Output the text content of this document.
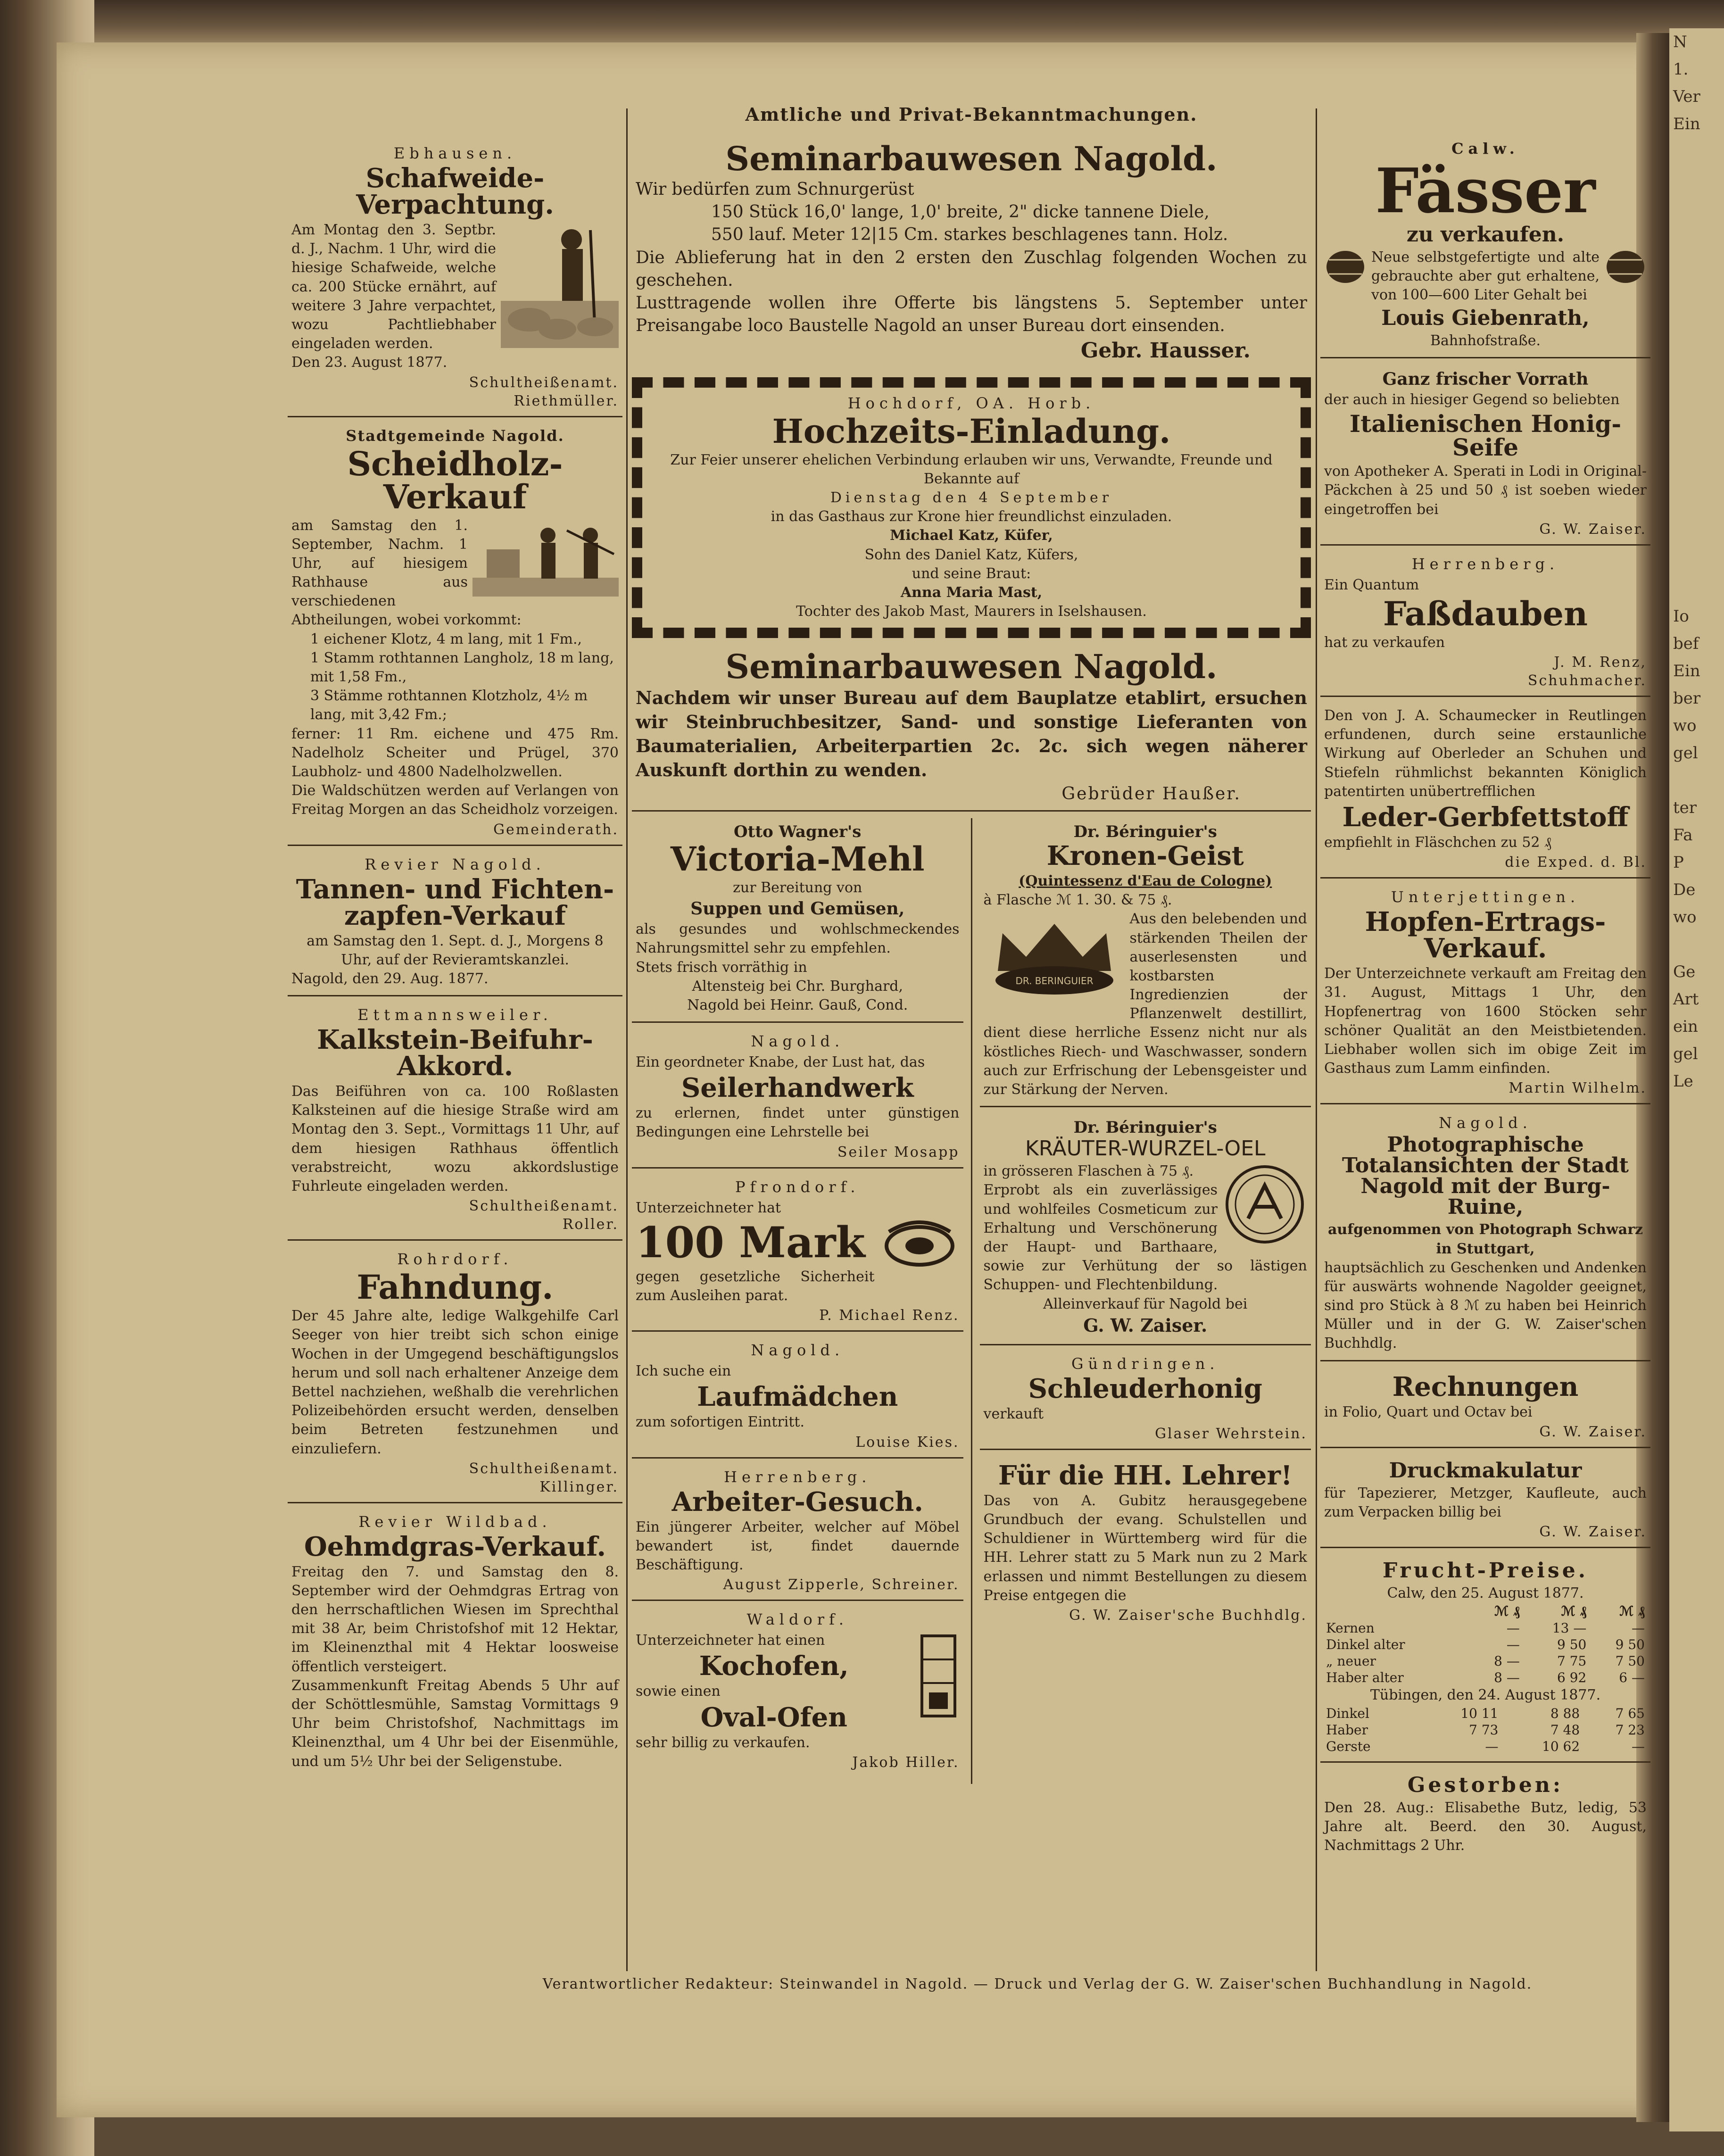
N
1.
Ver
Ein

Io
bef
Ein
ber
wo
gel

ter
Fa
P
De
wo

Ge
Art
ein
gel
Le
Amtliche und Privat-Bekanntmachungen.
Ebhausen.
Schafweide-Verpachtung.
Am Montag den 3. Septbr. d. J., Nachm. 1 Uhr, wird die hiesige Schafweide, welche ca. 200 Stücke ernährt, auf weitere 3 Jahre verpachtet, wozu Pachtliebhaber eingeladen werden.
Den 23. August 1877.
Schultheißenamt.
Riethmüller.
Stadtgemeinde Nagold.
Scheidholz-Verkauf
am Samstag den 1. September, Nachm. 1 Uhr, auf hiesigem Rathhause aus verschiedenen Abtheilungen, wobei vorkommt:
1 eichener Klotz, 4 m lang, mit 1 Fm.,
1 Stamm rothtannen Langholz, 18 m lang, mit 1,58 Fm.,
3 Stämme rothtannen Klotzholz, 4½ m lang, mit 3,42 Fm.;
ferner: 11 Rm. eichene und 475 Rm. Nadelholz Scheiter und Prügel, 370 Laubholz- und 4800 Nadelholzwellen.
Die Waldschützen werden auf Verlangen von Freitag Morgen an das Scheidholz vorzeigen.
Gemeinderath.
Revier Nagold.
Tannen- und Fichten-zapfen-Verkauf
am Samstag den 1. Sept. d. J., Morgens 8 Uhr, auf der Revieramtskanzlei.
Nagold, den 29. Aug. 1877.
Ettmannsweiler.
Kalkstein-Beifuhr-Akkord.
Das Beiführen von ca. 100 Roßlasten Kalksteinen auf die hiesige Straße wird am Montag den 3. Sept., Vormittags 11 Uhr, auf dem hiesigen Rathhaus öffentlich verabstreicht, wozu akkordslustige Fuhrleute eingeladen werden.
Schultheißenamt.
Roller.
Rohrdorf.
Fahndung.
Der 45 Jahre alte, ledige Walkgehilfe Carl Seeger von hier treibt sich schon einige Wochen in der Umgegend beschäftigungslos herum und soll nach erhaltener Anzeige dem Bettel nachziehen, weßhalb die verehrlichen Polizeibehörden ersucht werden, denselben beim Betreten festzunehmen und einzuliefern.
Schultheißenamt.
Killinger.
Revier Wildbad.
Oehmdgras-Verkauf.
Freitag den 7. und Samstag den 8. September wird der Oehmdgras Ertrag von den herrschaftlichen Wiesen im Sprechthal mit 38 Ar, beim Christofshof mit 12 Hektar, im Kleinenzthal mit 4 Hektar loosweise öffentlich versteigert.
Zusammenkunft Freitag Abends 5 Uhr auf der Schöttlesmühle, Samstag Vormittags 9 Uhr beim Christofshof, Nachmittags im Kleinenzthal, um 4 Uhr bei der Eisenmühle, und um 5½ Uhr bei der Seligenstube.
Seminarbauwesen Nagold.
Wir bedürfen zum Schnurgerüst
150 Stück 16,0' lange, 1,0' breite, 2" dicke tannene Diele,
550 lauf. Meter 12|15 Cm. starkes beschlagenes tann. Holz.
Die Ablieferung hat in den 2 ersten den Zuschlag folgenden Wochen zu geschehen.
Lusttragende wollen ihre Offerte bis längstens 5. September unter Preisangabe loco Baustelle Nagold an unser Bureau dort einsenden.
Gebr. Hausser.
Hochdorf, OA. Horb.
Hochzeits-Einladung.
Zur Feier unserer ehelichen Verbindung erlauben wir uns, Verwandte, Freunde und Bekannte auf
Dienstag den 4 September
in das Gasthaus zur Krone hier freundlichst einzuladen.
Michael Katz, Küfer,
Sohn des Daniel Katz, Küfers,
und seine Braut:
Anna Maria Mast,
Tochter des Jakob Mast, Maurers in Iselshausen.
Seminarbauwesen Nagold.
Nachdem wir unser Bureau auf dem Bauplatze etablirt, ersuchen wir Steinbruchbesitzer, Sand- und sonstige Lieferanten von Baumaterialien, Arbeiterpartien 2c. 2c. sich wegen näherer Auskunft dorthin zu wenden.
Gebrüder Haußer.
Otto Wagner's
Victoria-Mehl
zur Bereitung von
Suppen und Gemüsen,
als gesundes und wohlschmeckendes Nahrungsmittel sehr zu empfehlen.
Stets frisch vorräthig in
Altensteig bei Chr. Burghard,
Nagold bei Heinr. Gauß, Cond.
Nagold.
Ein geordneter Knabe, der Lust hat, das
Seilerhandwerk
zu erlernen, findet unter günstigen Bedingungen eine Lehrstelle bei
Seiler Mosapp
Pfrondorf.
Unterzeichneter hat
100 Mark
gegen gesetzliche Sicherheit zum Ausleihen parat.
P. Michael Renz.
Nagold.
Ich suche ein
Laufmädchen
zum sofortigen Eintritt.
Louise Kies.
Herrenberg.
Arbeiter-Gesuch.
Ein jüngerer Arbeiter, welcher auf Möbel bewandert ist, findet dauernde Beschäftigung.
August Zipperle, Schreiner.
Waldorf.
Unterzeichneter hat einen
Kochofen,
sowie einen
Oval-Ofen
sehr billig zu verkaufen.
Jakob Hiller.
Dr. Béringuier's
Kronen-Geist
(Quintessenz d'Eau de Cologne)
à Flasche ℳ 1. 30. & 75 ₰.
DR. BERINGUIER
Aus den belebenden und stärkenden Theilen der auserlesensten und kostbarsten Ingredienzien der Pflanzenwelt destillirt, dient diese herrliche Essenz nicht nur als köstliches Riech- und Waschwasser, sondern auch zur Erfrischung der Lebensgeister und zur Stärkung der Nerven.
Dr. Béringuier's
KRÄUTER-WURZEL-OEL
in grösseren Flaschen à 75 ₰.
Erprobt als ein zuverlässiges und wohlfeiles Cosmeticum zur Erhaltung und Verschönerung der Haupt- und Barthaare, sowie zur Verhütung der so lästigen Schuppen- und Flechtenbildung.
Alleinverkauf für Nagold bei
G. W. Zaiser.
Gündringen.
Schleuderhonig
verkauft
Glaser Wehrstein.
Für die HH. Lehrer!
Das von A. Gubitz herausgegebene Grundbuch der evang. Schulstellen und Schuldiener in Württemberg wird für die HH. Lehrer statt zu 5 Mark nun zu 2 Mark erlassen und nimmt Bestellungen zu diesem Preise entgegen die
G. W. Zaiser'sche Buchhdlg.
Calw.
Fässer
zu verkaufen.
Neue selbstgefertigte und alte gebrauchte aber gut erhaltene, von 100—600 Liter Gehalt bei
Louis Giebenrath,
Bahnhofstraße.
Ganz frischer Vorrath
der auch in hiesiger Gegend so beliebten
Italienischen Honig-Seife
von Apotheker A. Sperati in Lodi in Original-Päckchen à 25 und 50 ₰ ist soeben wieder eingetroffen bei
G. W. Zaiser.
Herrenberg.
Ein Quantum
Faßdauben
hat zu verkaufen
J. M. Renz,
Schuhmacher.
Den von J. A. Schaumecker in Reutlingen erfundenen, durch seine erstaunliche Wirkung auf Oberleder an Schuhen und Stiefeln rühmlichst bekannten Königlich patentirten unübertrefflichen
Leder-Gerbfettstoff
empfiehlt in Fläschchen zu 52 ₰
die Exped. d. Bl.
Unterjettingen.
Hopfen-Ertrags-Verkauf.
Der Unterzeichnete verkauft am Freitag den 31. August, Mittags 1 Uhr, den Hopfenertrag von 1600 Stöcken sehr schöner Qualität an den Meistbietenden. Liebhaber wollen sich im obige Zeit im Gasthaus zum Lamm einfinden.
Martin Wilhelm.
Nagold.
Photographische Totalansichten der Stadt Nagold mit der Burg-Ruine,
aufgenommen von Photograph Schwarz in Stuttgart,
hauptsächlich zu Geschenken und Andenken für auswärts wohnende Nagolder geeignet, sind pro Stück à 8 ℳ zu haben bei Heinrich Müller und in der G. W. Zaiser'schen Buchhdlg.
Rechnungen
in Folio, Quart und Octav bei
G. W. Zaiser.
Druckmakulatur
für Tapezierer, Metzger, Kaufleute, auch zum Verpacken billig bei
G. W. Zaiser.
Frucht-Preise.
Calw, den 25. August 1877.
	ℳ ₰	ℳ ₰	ℳ ₰
Kernen	—	13 —	—
Dinkel alter	—	9 50	9 50
„ neuer	8 —	7 75	7 50
Haber alter	8 —	6 92	6 —
Tübingen, den 24. August 1877.
Dinkel	10 11	8 88	7 65
Haber	7 73	7 48	7 23
Gerste	—	10 62	—
Gestorben:
Den 28. Aug.: Elisabethe Butz, ledig, 53 Jahre alt. Beerd. den 30. August, Nachmittags 2 Uhr.
Verantwortlicher Redakteur: Steinwandel in Nagold. — Druck und Verlag der G. W. Zaiser'schen Buchhandlung in Nagold.
